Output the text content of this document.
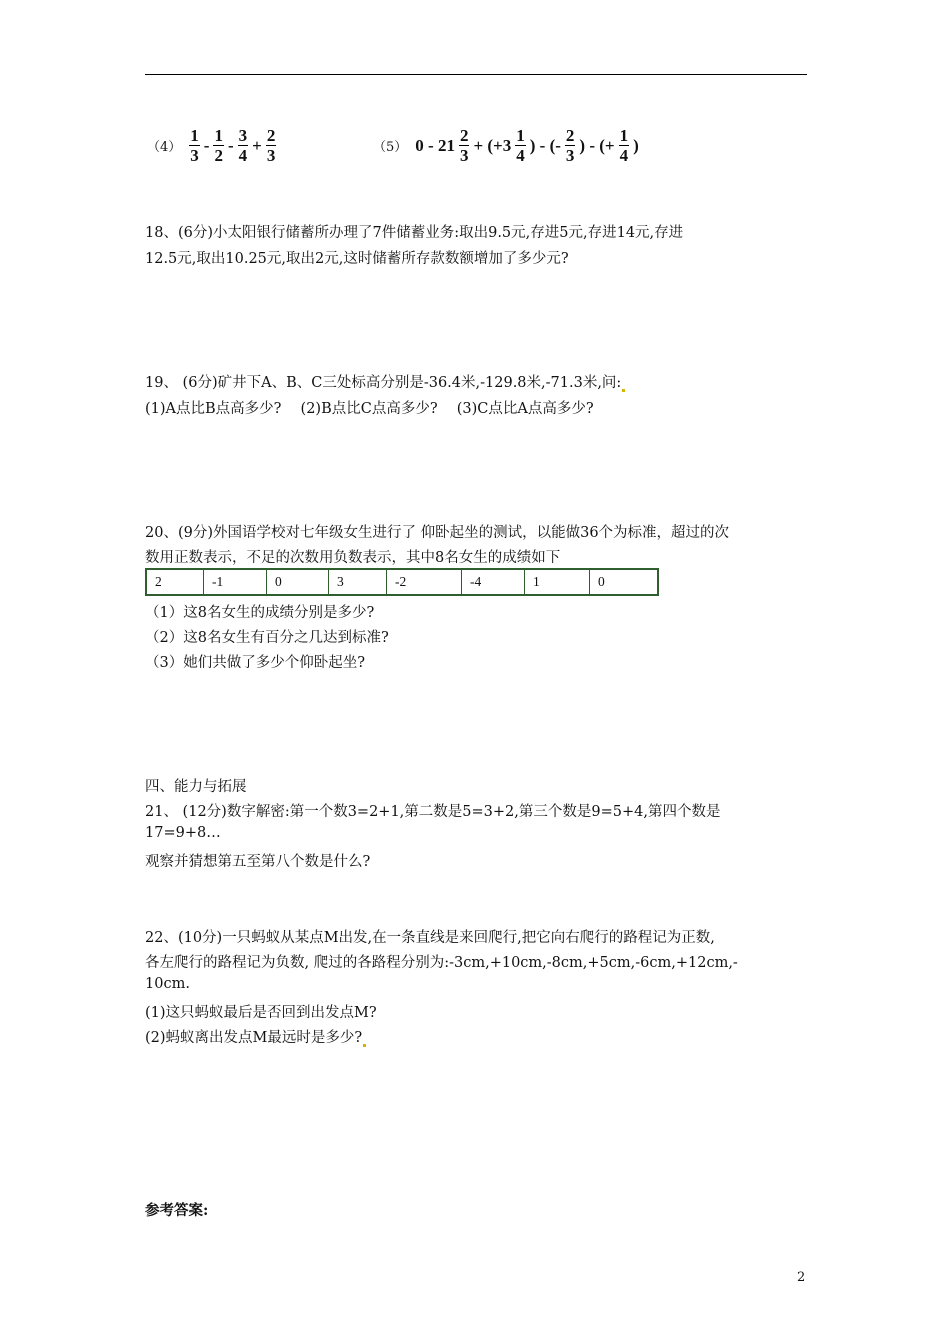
$(4) \frac{1}{3} - \frac{1}{2} - \frac{3}{4} + \frac{2}{3}$	（5） $0 - 21 \frac{2}{3} + (+3 \frac{1}{4}$ ) - (- $\frac{2}{3}$ ) - (+ $\frac{1}{4}$ )
18、(6分)小太阳银行储蓄所办理了7件储蓄业务:取出9.5元,存进5元,存进14元,存进
12.5元,取出10.25元,取出2元,这时储蓄所存款数额增加了多少元?
19、 (6分)矿井下A、B、C三处标高分别是-36.4米,-129.8米,-71.3米,问:
(1)A点比B点高多少?　 (2)B点比C点高多少?　 (3)C点比A点高多少?
20、(9分)外国语学校对七年级女生进行了 仰卧起坐的测试，以能做36个为标准，超过的次
数用正数表示，不足的次数用负数表示，其中8名女生的成绩如下
2	-1	0	3	-2	-4	1	0
（1）这8名女生的成绩分别是多少?
（2）这8名女生有百分之几达到标准?
（3）她们共做了多少个仰卧起坐?
四、能力与拓展
21、 (12分)数字解密:第一个数3=2+1,第二数是5=3+2,第三个数是9=5+4,第四个数是
17=9+8…
观察并猜想第五至第八个数是什么?
22、(10分)一只蚂蚁从某点M出发,在一条直线是来回爬行,把它向右爬行的路程记为正数,
各左爬行的路程记为负数, 爬过的各路程分别为:-3cm,+10cm,-8cm,+5cm,-6cm,+12cm,-
10cm.
(1)这只蚂蚁最后是否回到出发点M?
(2)蚂蚁离出发点M最远时是多少?
参考答案:
2
